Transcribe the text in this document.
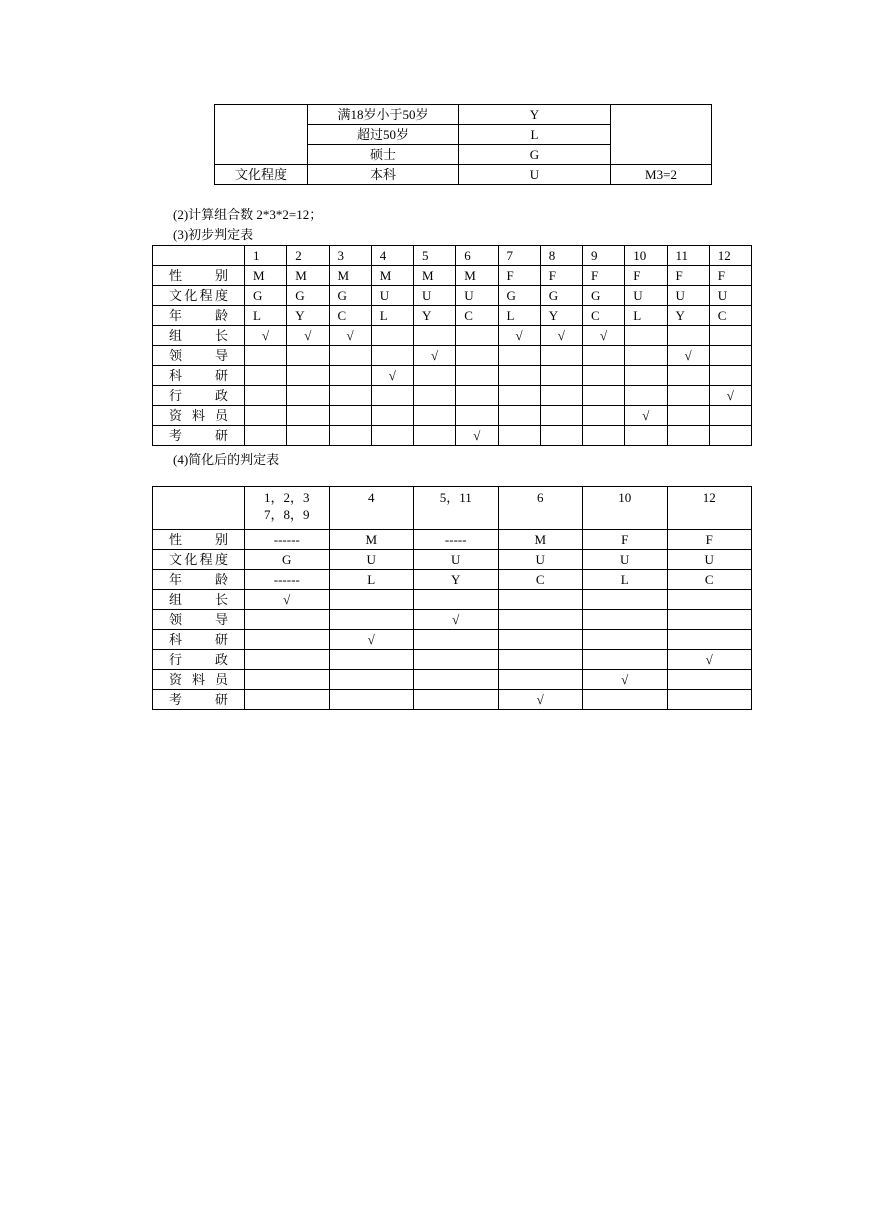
	满18岁小于50岁	Y	
	超过50岁	L	
	硕士	G	
文化程度	本科	U	M3=2
(2)计算组合数 2*3*2=12；
(3)初步判定表
	1	2	3	4	5	6	7	8	9	10	11	12
性别	M	M	M	M	M	M	F	F	F	F	F	F
文化程度	G	G	G	U	U	U	G	G	G	U	U	U
年龄	L	Y	C	L	Y	C	L	Y	C	L	Y	C
组长	√	√	√				√	√	√			
领导					√						√	
科研				√								
行政												√
资料员										√		
考研						√						
(4)简化后的判定表
	1，2，3
7，8，9	4	5，11	6	10	12
性别	------	M	-----	M	F	F
文化程度	G	U	U	U	U	U
年龄	------	L	Y	C	L	C
组长	√					
领导			√			
科研		√				
行政						√
资料员					√	
考研				√		
